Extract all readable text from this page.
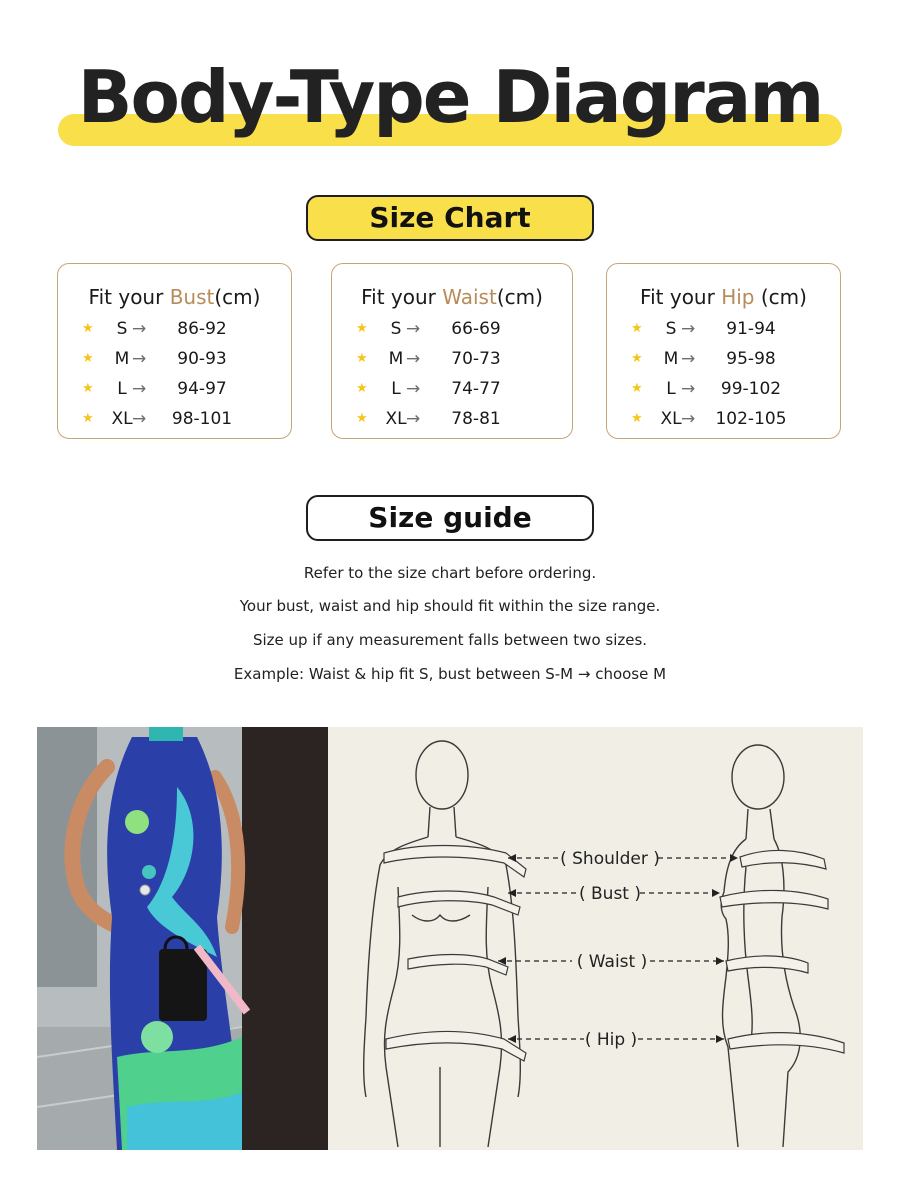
Body-Type Diagram
Size Chart
Fit your Bust(cm)
★	S →	86-92
★	M →	90-93
★	L →	94-97
★	XL →	98-101
Fit your Waist(cm)
★	S →	66-69
★	M →	70-73
★	L →	74-77
★	XL →	78-81
Fit your Hip (cm)
★	S →	91-94
★	M →	95-98
★	L →	99-102
★	XL → 102-105
Size guide

Refer to the size chart before ordering.

Your bust, waist and hip should fit within the size range.

Size up if any measurement falls between two sizes.

Example: Waist & hip fit S, bust between S-M → choose M

( Shoulder )
( Bust )
( Waist )
( Hip )
